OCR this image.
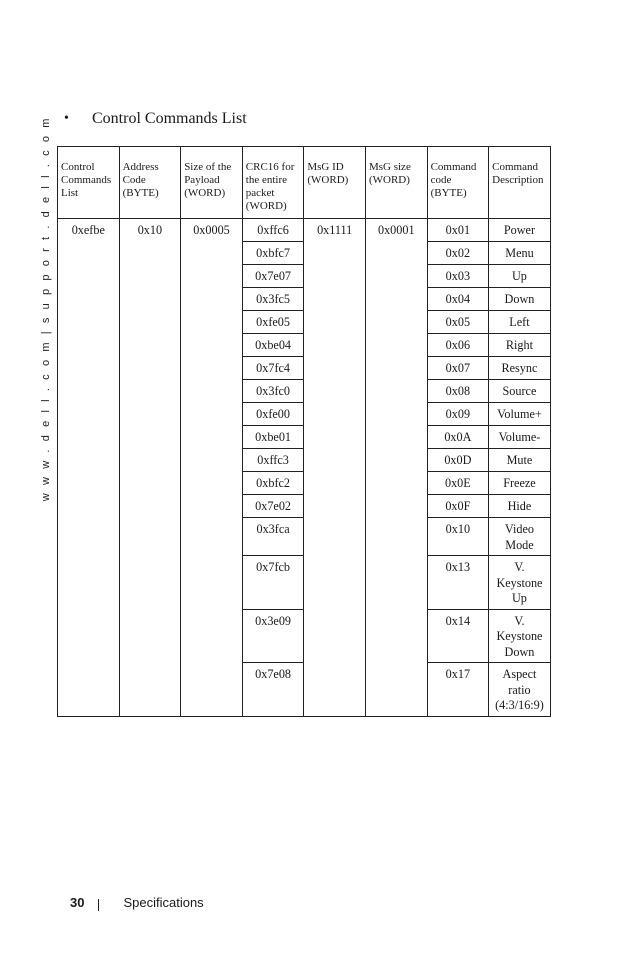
w w w . d e l l . c o m | s u p p o r t . d e l l . c o m •	Control Commands List
Control Commands List	Address Code (BYTE)	Size of the Payload (WORD)	CRC16 for the entire packet (WORD)	MsG ID (WORD)	MsG size (WORD)	Command code (BYTE)	Command Description
0xefbe	0x10	0x0005	0xffc6	0x1111	0x0001	0x01	Power
			0xbfc7			0x02	Menu
			0x7e07			0x03	Up
			0x3fc5			0x04	Down
			0xfe05			0x05	Left
			0xbe04			0x06	Right
			0x7fc4			0x07	Resync
			0x3fc0			0x08	Source
			0xfe00			0x09	Volume+
			0xbe01			0x0A	Volume-
			0xffc3			0x0D	Mute
			0xbfc2			0x0E	Freeze
			0x7e02			0x0F	Hide
			0x3fca			0x10	Video Mode
			0x7fcb			0x13	V. Keystone Up
			0x3e09			0x14	V. Keystone Down
			0x7e08			0x17	Aspect ratio (4:3/16:9)
30	Specifications
